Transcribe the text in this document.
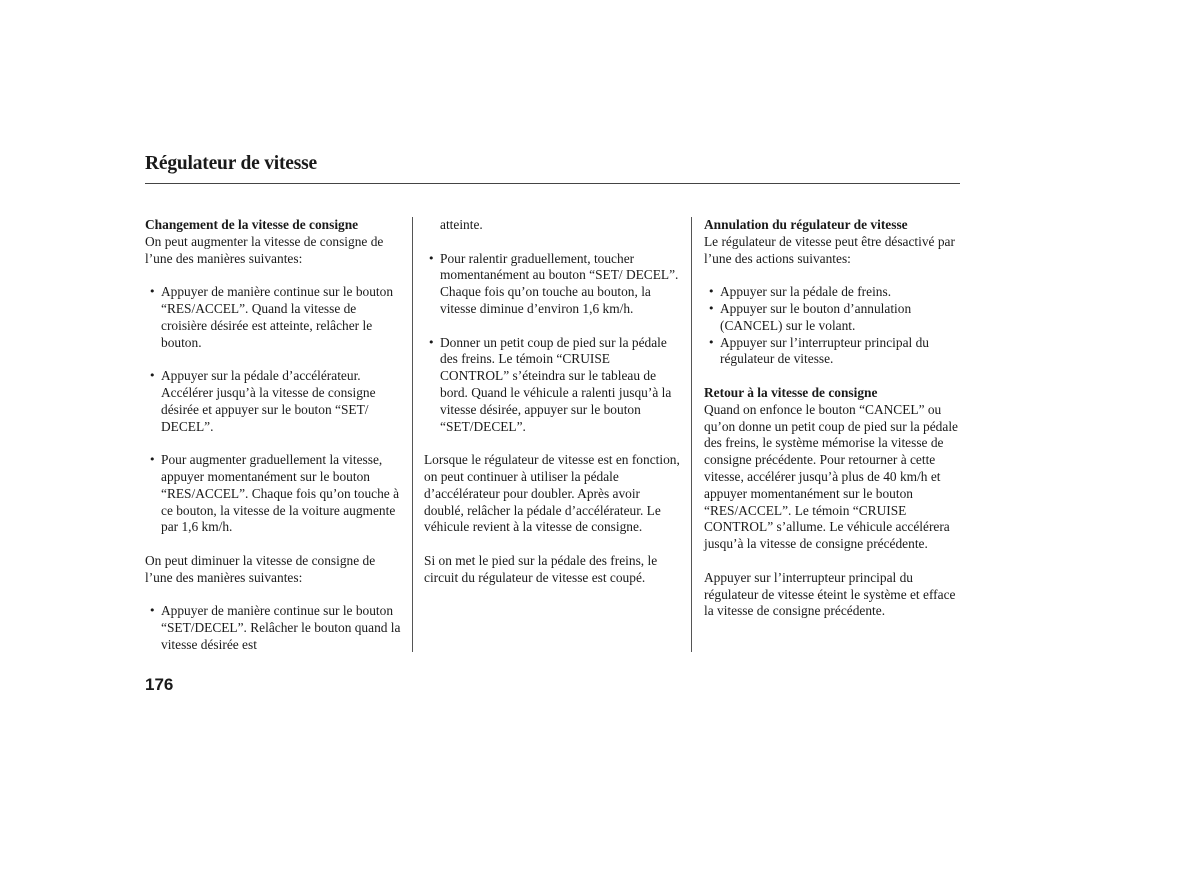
Régulateur de vitesse

Changement de la vitesse de consigne

On peut augmenter la vitesse de consigne de l’une des manières suivantes:

• Appuyer de manière continue sur le bouton “RES/ACCEL”. Quand la vitesse de croisière désirée est atteinte, relâcher le bouton.

• Appuyer sur la pédale d’accélérateur. Accélérer jusqu’à la vitesse de consigne désirée et appuyer sur le bouton “SET/ DECEL”.

• Pour augmenter graduellement la vitesse, appuyer momentanément sur le bouton “RES/ACCEL”. Chaque fois qu’on touche à ce bouton, la vitesse de la voiture augmente par 1,6 km/h.

On peut diminuer la vitesse de consigne de l’une des manières suivantes:

• Appuyer de manière continue sur le bouton “SET/DECEL”. Relâcher le bouton quand la vitesse désirée est

atteinte.

• Pour ralentir graduellement, toucher momentanément au bouton “SET/ DECEL”. Chaque fois qu’on touche au bouton, la vitesse diminue d’environ 1,6 km/h.

• Donner un petit coup de pied sur la pédale des freins. Le témoin “CRUISE CONTROL” s’éteindra sur le tableau de bord. Quand le véhicule a ralenti jusqu’à la vitesse désirée, appuyer sur le bouton “SET/DECEL”.

Lorsque le régulateur de vitesse est en fonction, on peut continuer à utiliser la pédale d’accélérateur pour doubler. Après avoir doublé, relâcher la pédale d’accélérateur. Le véhicule revient à la vitesse de consigne.

Si on met le pied sur la pédale des freins, le circuit du régulateur de vitesse est coupé.

Annulation du régulateur de vitesse

Le régulateur de vitesse peut être désactivé par l’une des actions suivantes:

• Appuyer sur la pédale de freins.

• Appuyer sur le bouton d’annulation (CANCEL) sur le volant.

• Appuyer sur l’interrupteur principal du régulateur de vitesse.

Retour à la vitesse de consigne

Quand on enfonce le bouton “CANCEL” ou qu’on donne un petit coup de pied sur la pédale des freins, le système mémorise la vitesse de consigne précédente. Pour retourner à cette vitesse, accélérer jusqu’à plus de 40 km/h et appuyer momentanément sur le bouton “RES/ACCEL”. Le témoin “CRUISE CONTROL” s’allume. Le véhicule accélérera jusqu’à la vitesse de consigne précédente.

Appuyer sur l’interrupteur principal du régulateur de vitesse éteint le système et efface la vitesse de consigne précédente.

176
